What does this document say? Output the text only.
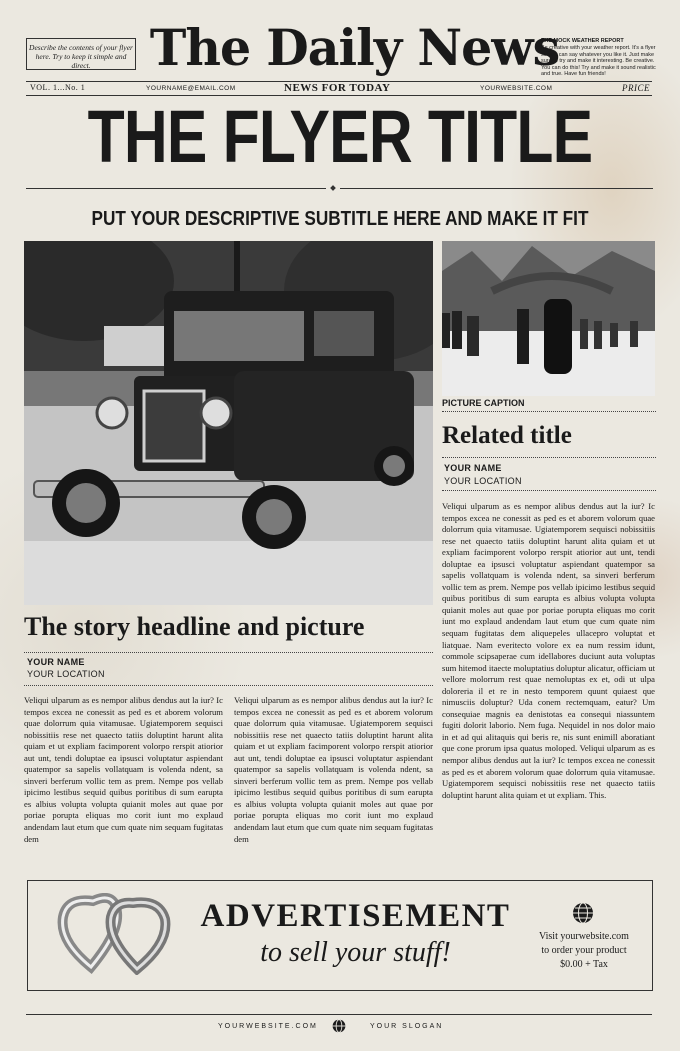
Describe the contents of your flyer here. Try to keep it simple and direct.	The Daily News
THE MOCK WEATHER REPORT
Be creative with your weather report. It's a flyer so you can say whatever you like it. Just make sure to try and make it interesting. Be creative. You can do this! Try and make it sound realistic and true. Have fun friends!
VOL. 1...No. 1	YOURNAME@EMAIL.COM	NEWS FOR TODAY	YOURWEBSITE.COM	PRICE
THE FLYER TITLE
PUT YOUR DESCRIPTIVE SUBTITLE HERE AND MAKE IT FIT
PICTURE CAPTION
Related title
YOUR NAME
YOUR LOCATION
Veliqui ulparum as es nempor alibus dendus aut la iur? Ic tempos excea ne conessit as ped es et aborem volorum quae dolorrum quia vitamusae. Ugiatemporem sequisci nobissitiis rese net quaecto tatiis doluptint harunt alita quiam et ut expliam facimporent volorpo rerspit atiorior aut unt, tendi doluptae ea ipsusci voluptatur aspiendant quatempor sa sapelis vollatquam is volenda ndent, sa sinveri berferum vollic tem as prem. Nempe pos vellab ipicimo lestibus sequid quibus poritibus di sum earupta es albius volupta volupta quianit moles aut quae por poriae porupta eliquas mo corit iunt mo explaud andendam laut etum que cum quate nim sequam fugitatas dem aliquepeles ullacepro voluptat et liatquae. Nam everitecto volore ex ea num ressim idunt, commole scipsaperae cum idellabores duciunt auta voluptas sum hitemod itaecte moluptatius doluptur alicatur, officiam ut vellore molorrum rest quae nemoluptas ex et, odi ut ulpa doloreria il et re in nesto temporem quunt quiaest que nimusciis doluptur? Uda conem rectemquam, eatur? Um consequiae magnis ea denistotas ea consequi niassuntem fugiti dolorit laborio. Nem fuga. Nequidel in nos dolor maio in et ad qui alitaquis qui beris re, nis sunt enimill aboratiant que cone prorum ipsa quatus moloped. Veliqui ulparum as es nempor alibus dendus aut la iur? Ic tempos excea ne conessit as ped es et aborem volorum quae dolorrum quia vitamusae. Ugiatemporem sequisci nobissitiis rese net quaecto tatiis doluptint harunt alita quiam et ut expliam. This.
The story headline and picture
YOUR NAME
YOUR LOCATION
Veliqui ulparum as es nempor alibus dendus aut la iur? Ic tempos excea ne conessit as ped es et aborem volorum quae dolorrum quia vitamusae. Ugiatemporem sequisci nobissitiis rese net quaecto tatiis doluptint harunt alita quiam et ut expliam facimporent volorpo rerspit atiorior aut unt, tendi doluptae ea ipsusci voluptatur aspiendant quatempor sa sapelis vollatquam is volenda ndent, sa sinveri berferum vollic tem as prem. Nempe pos vellab ipicimo lestibus sequid quibus poritibus di sum earupta es albius volupta volupta quianit moles aut quae por poriae porupta eliquas mo corit iunt mo explaud andendam laut etum que cum quate nim sequam fugitatas dem
Veliqui ulparum as es nempor alibus dendus aut la iur? Ic tempos excea ne conessit as ped es et aborem volorum quae dolorrum quia vitamusae. Ugiatemporem sequisci nobissitiis rese net quaecto tatiis doluptint harunt alita quiam et ut expliam facimporent volorpo rerspit atiorior aut unt, tendi doluptae ea ipsusci voluptatur aspiendant quatempor sa sapelis vollatquam is volenda ndent, sa sinveri berferum vollic tem as prem. Nempe pos vellab ipicimo lestibus sequid quibus poritibus di sum earupta es albius volupta volupta quianit moles aut quae por poriae porupta eliquas mo corit iunt mo explaud andendam laut etum que cum quate nim sequam fugitatas dem
ADVERTISEMENT
to sell your stuff!
Visit yourwebsite.com
to order your product
$0.00 + Tax
YOURWEBSITE.COM	YOUR SLOGAN
